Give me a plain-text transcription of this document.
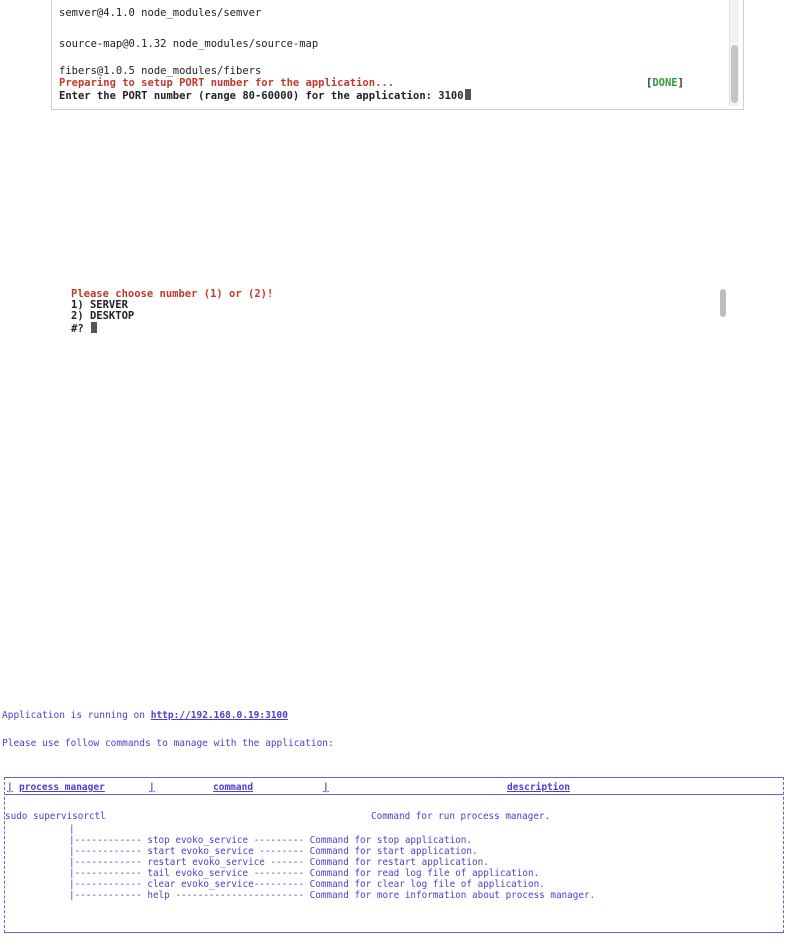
semver@4.1.0 node_modules/semver
source-map@0.1.32 node_modules/source-map
fibers@1.0.5 node_modules/fibers
Preparing to setup PORT number for the application...	[DONE]
Enter the PORT number (range 80-60000) for the application: 3100
Please choose number (1) or (2)!
1) SERVER
2) DESKTOP
#?
Application is running on http://192.168.0.19:3100
Please use follow commands to manage with the application:
| process manager	|	command	|	description
sudo supervisorctl	Command for run process manager.
|
|------------ stop evoko_service --------- Command for stop application.
|------------ start evoko_service -------- Command for start application.
|------------ restart evoko_service ------ Command for restart application.
|------------ tail evoko_service --------- Command for read log file of application.
|------------ clear evoko_service--------- Command for clear log file of application.
|------------ help ----------------------- Command for more information about process manager.
